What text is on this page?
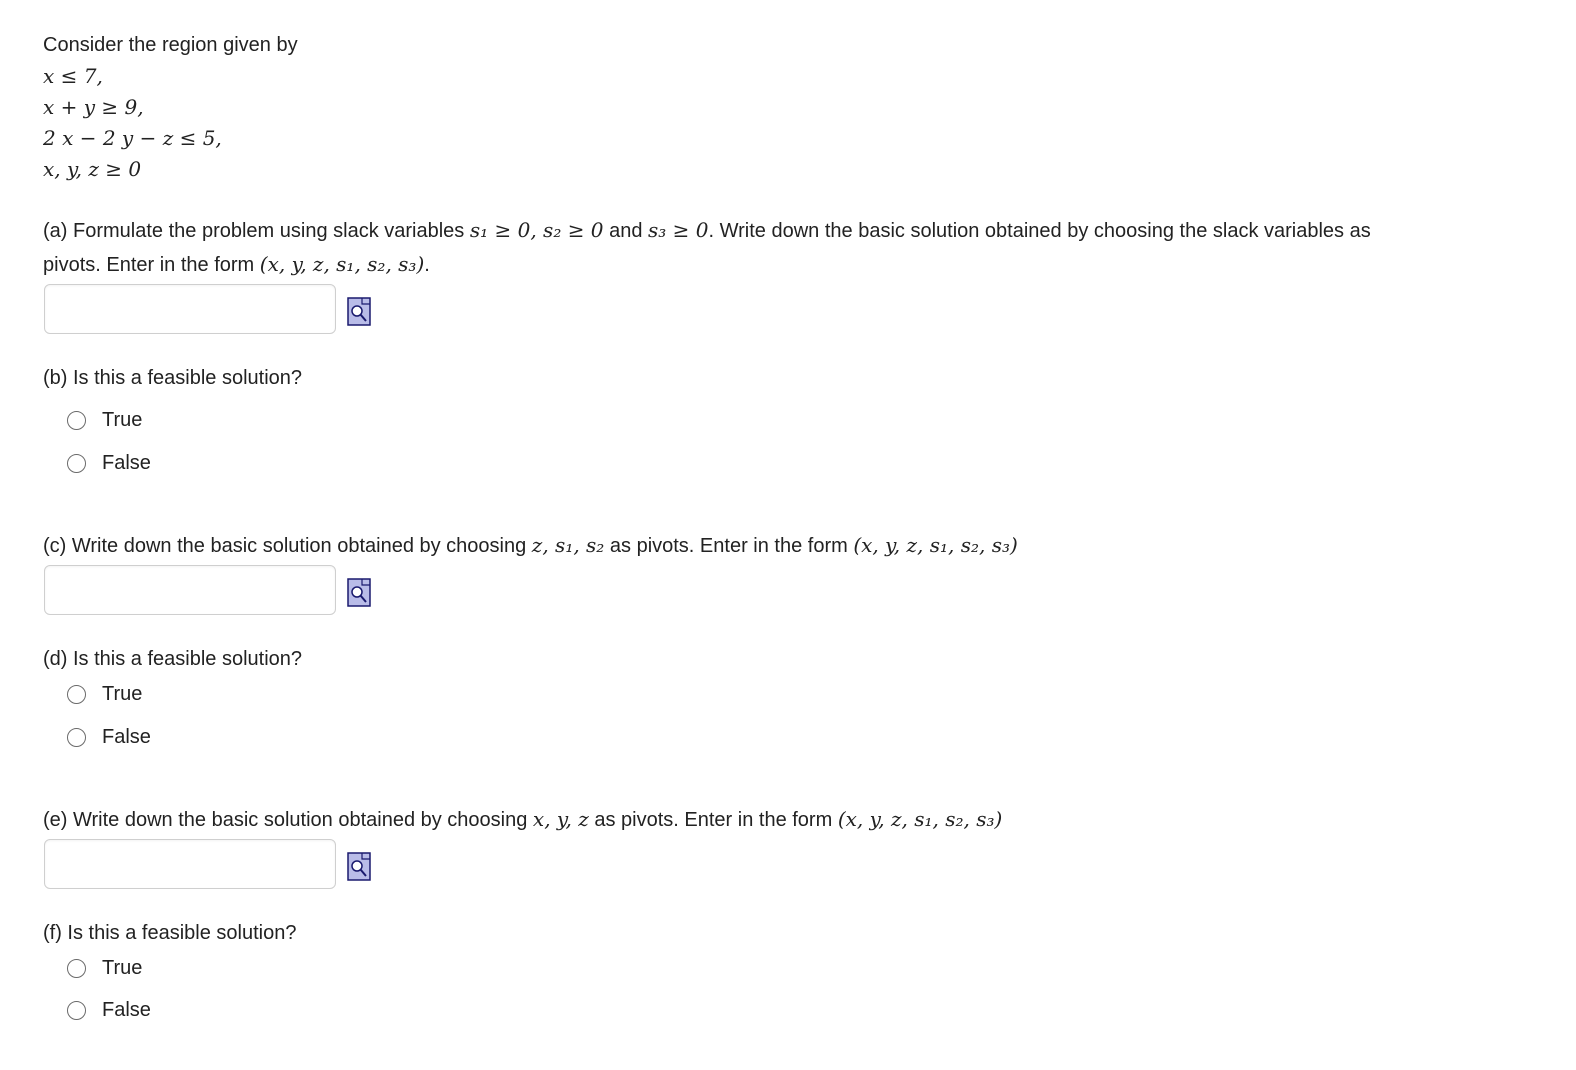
Consider the region given by
x ≤ 7,
x + y ≥ 9,
2 x − 2 y − z ≤ 5,
x, y, z ≥ 0
(a) Formulate the problem using slack variables s₁ ≥ 0, s₂ ≥ 0 and s₃ ≥ 0. Write down the basic solution obtained by choosing the slack variables as
pivots. Enter in the form (x, y, z, s₁, s₂, s₃).
(b) Is this a feasible solution?
True
False
(c) Write down the basic solution obtained by choosing z, s₁, s₂ as pivots. Enter in the form (x, y, z, s₁, s₂, s₃)
(d) Is this a feasible solution?
True
False
(e) Write down the basic solution obtained by choosing x, y, z as pivots. Enter in the form (x, y, z, s₁, s₂, s₃)
(f) Is this a feasible solution?
True
False
